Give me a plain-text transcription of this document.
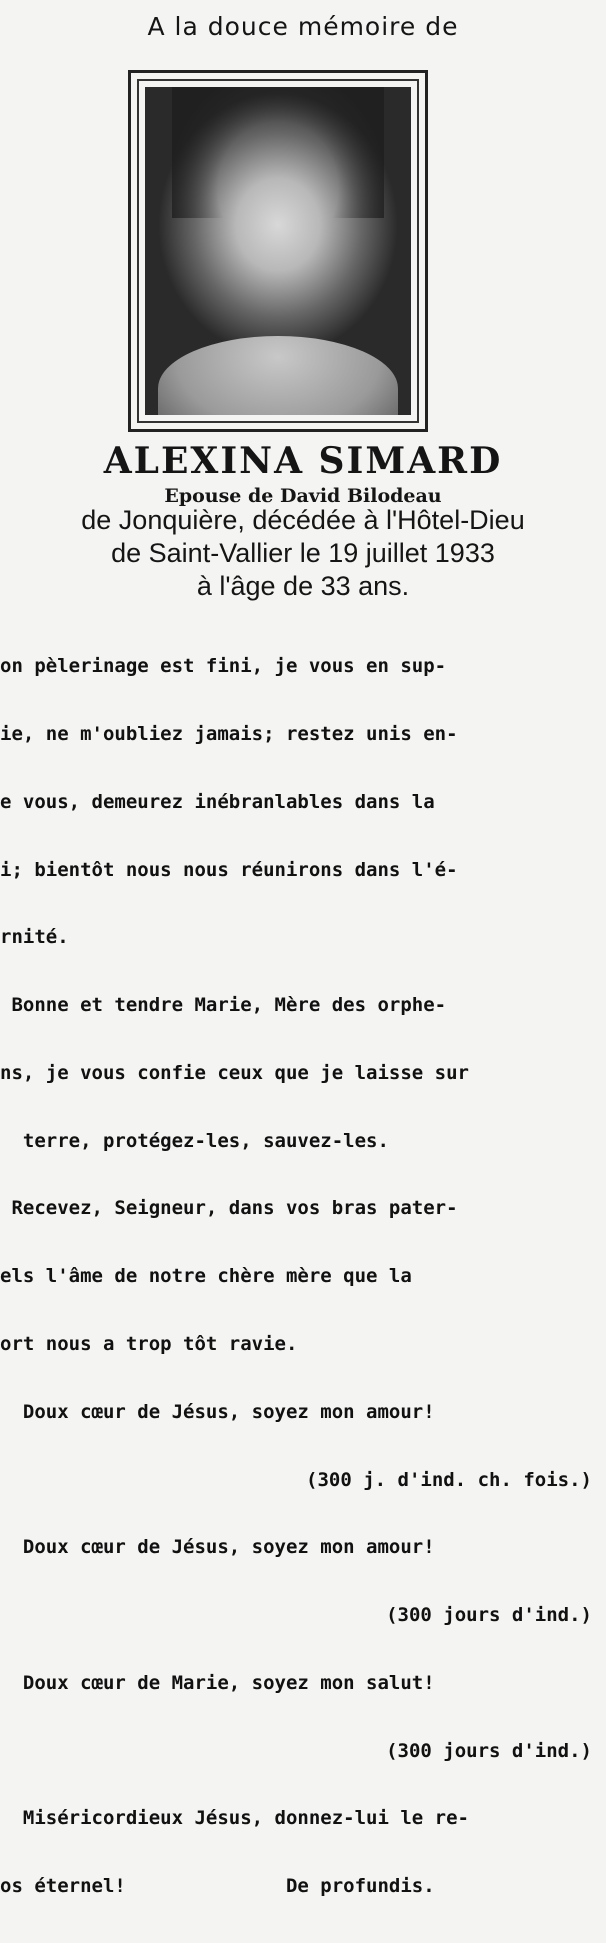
A la douce mémoire de
ALEXINA SIMARD
Epouse de David Bilodeau
de Jonquière, décédée à l'Hôtel-Dieu
de Saint-Vallier le 19 juillet 1933
à l'âge de 33 ans.

on pèlerinage est fini, je vous en sup-

ie, ne m'oubliez jamais; restez unis en-

e vous, demeurez inébranlables dans la

i; bientôt nous nous réunirons dans l'é-

rnité.

Bonne et tendre Marie, Mère des orphe-

ns, je vous confie ceux que je laisse sur

terre, protégez-les, sauvez-les.

Recevez, Seigneur, dans vos bras pater-

els l'âme de notre chère mère que la

ort nous a trop tôt ravie.

Doux cœur de Jésus, soyez mon amour!

(300 j. d'ind. ch. fois.)

Doux cœur de Jésus, soyez mon amour!

(300 jours d'ind.)

Doux cœur de Marie, soyez mon salut!

(300 jours d'ind.)

Miséricordieux Jésus, donnez-lui le re-

os éternel!              De profundis.
